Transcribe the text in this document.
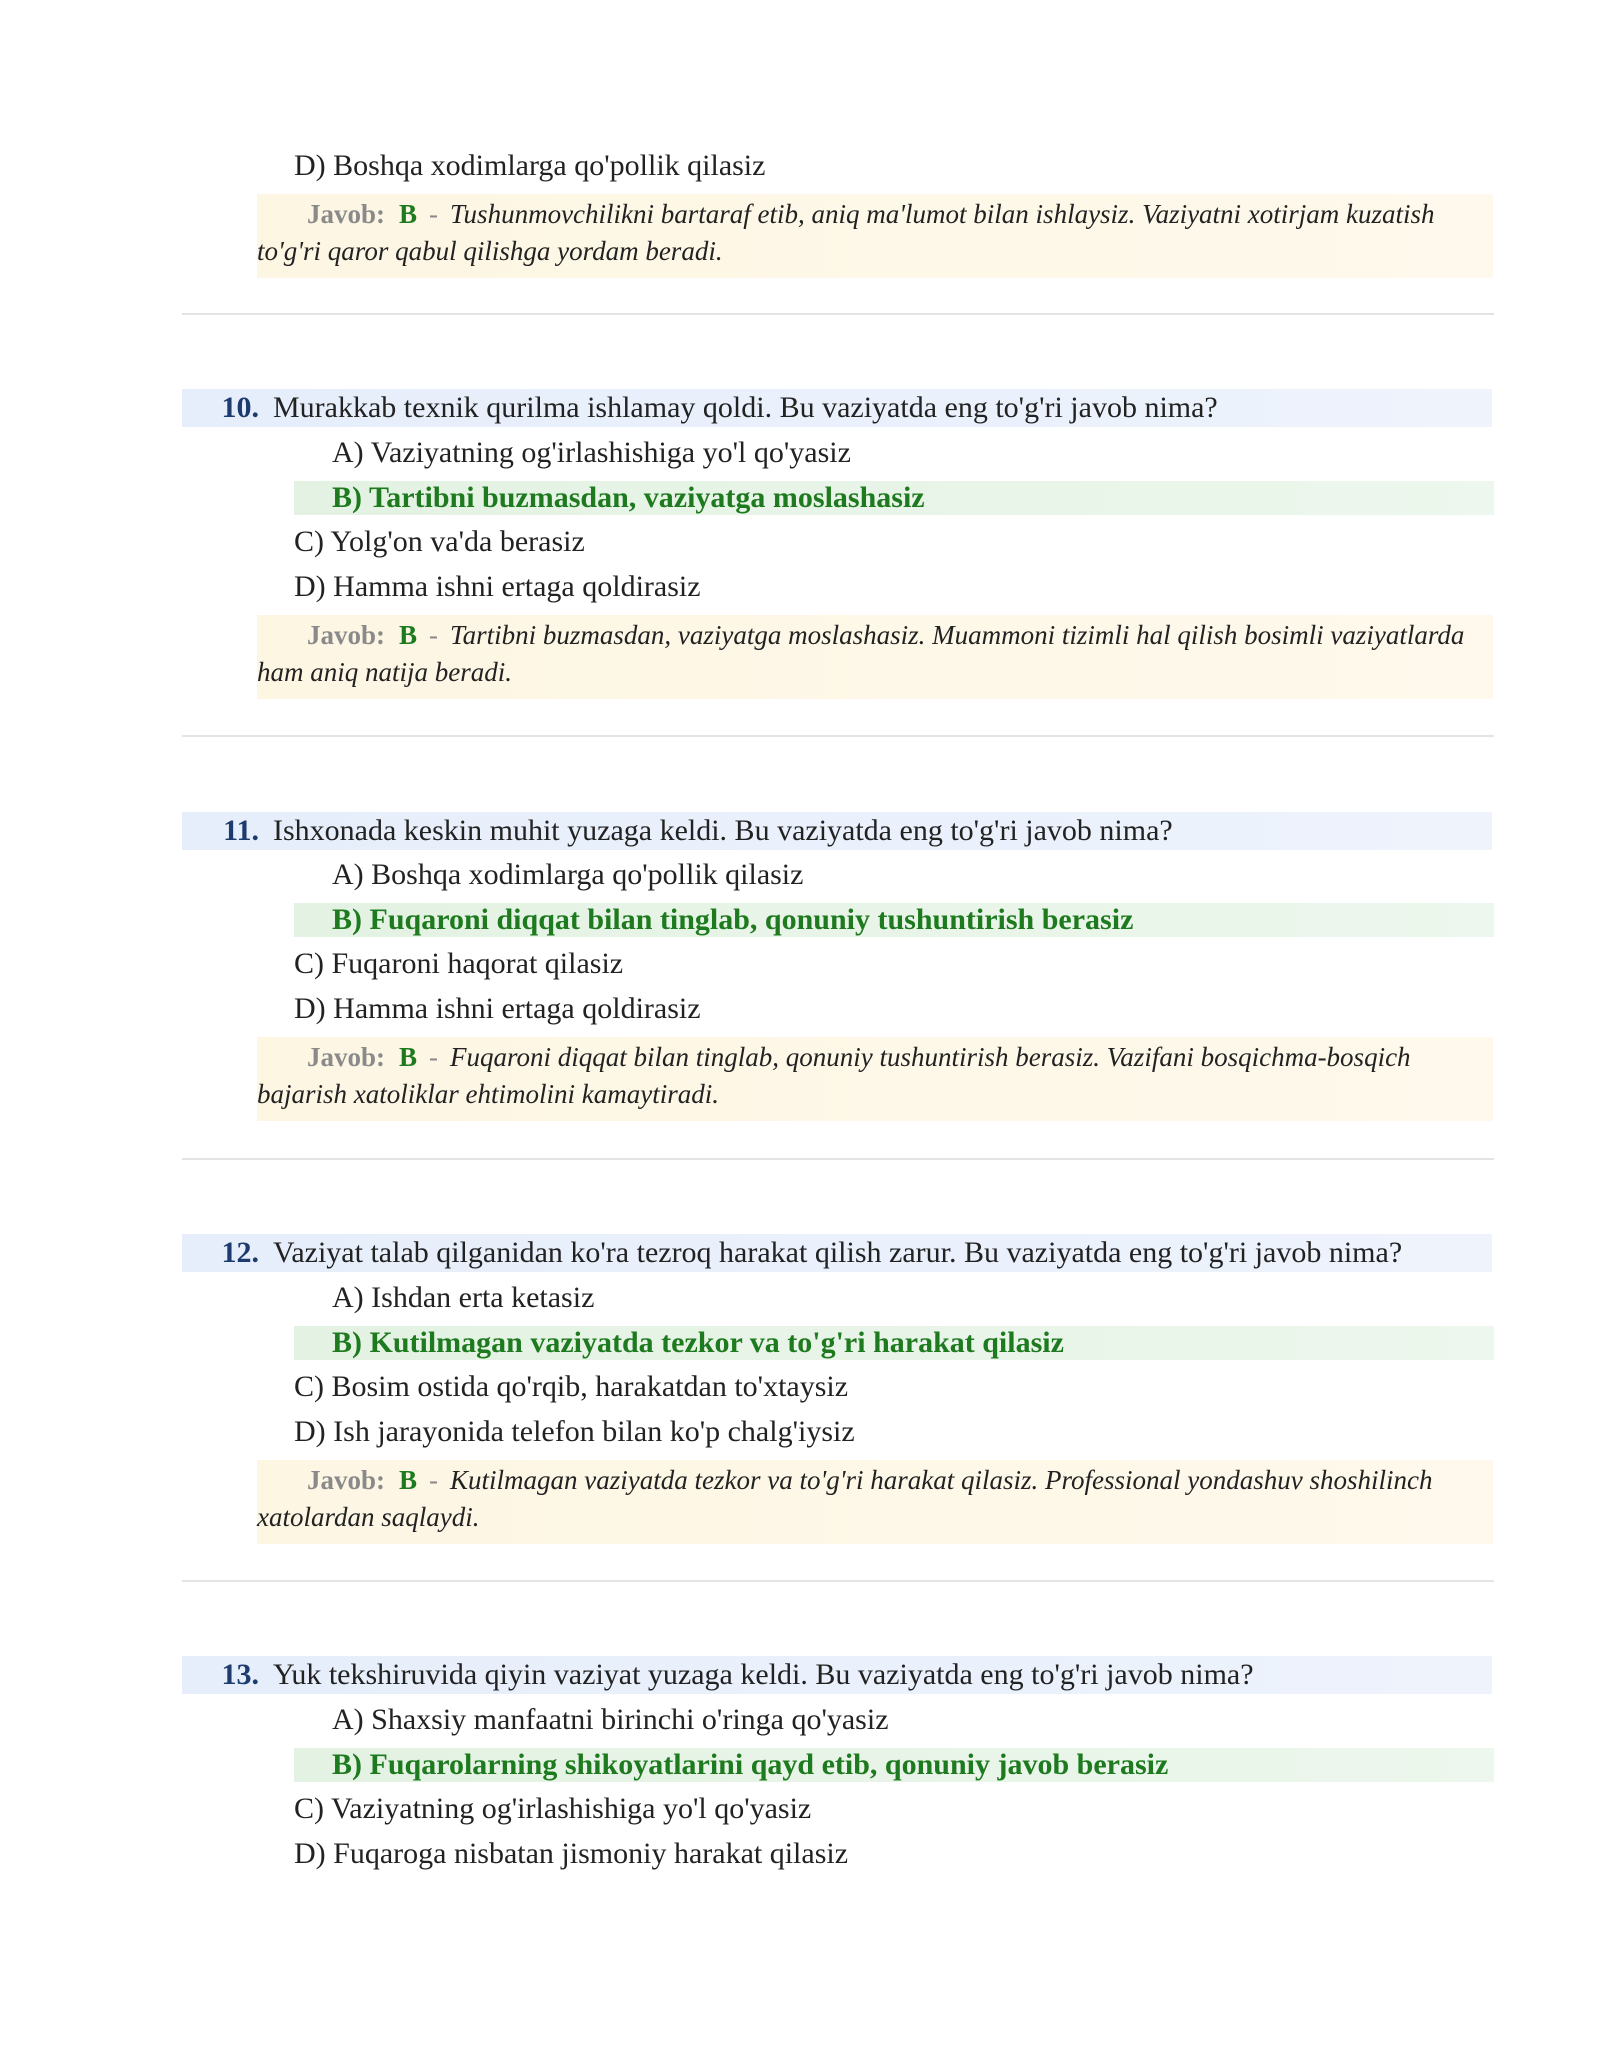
D) Boshqa xodimlarga qo'pollik qilasiz
Javob: B - Tushunmovchilikni bartaraf etib, aniq ma'lumot bilan ishlaysiz. Vaziyatni xotirjam kuzatish to'g'ri qaror qabul qilishga yordam beradi.
10. Murakkab texnik qurilma ishlamay qoldi. Bu vaziyatda eng to'g'ri javob nima?
A) Vaziyatning og'irlashishiga yo'l qo'yasiz
B) Tartibni buzmasdan, vaziyatga moslashasiz
C) Yolg'on va'da berasiz
D) Hamma ishni ertaga qoldirasiz
Javob: B - Tartibni buzmasdan, vaziyatga moslashasiz. Muammoni tizimli hal qilish bosimli vaziyatlarda ham aniq natija beradi.
11. Ishxonada keskin muhit yuzaga keldi. Bu vaziyatda eng to'g'ri javob nima?
A) Boshqa xodimlarga qo'pollik qilasiz
B) Fuqaroni diqqat bilan tinglab, qonuniy tushuntirish berasiz
C) Fuqaroni haqorat qilasiz
D) Hamma ishni ertaga qoldirasiz
Javob: B - Fuqaroni diqqat bilan tinglab, qonuniy tushuntirish berasiz. Vazifani bosqichma-bosqich bajarish xatoliklar ehtimolini kamaytiradi.
12. Vaziyat talab qilganidan ko'ra tezroq harakat qilish zarur. Bu vaziyatda eng to'g'ri javob nima?
A) Ishdan erta ketasiz
B) Kutilmagan vaziyatda tezkor va to'g'ri harakat qilasiz
C) Bosim ostida qo'rqib, harakatdan to'xtaysiz
D) Ish jarayonida telefon bilan ko'p chalg'iysiz
Javob: B - Kutilmagan vaziyatda tezkor va to'g'ri harakat qilasiz. Professional yondashuv shoshilinch xatolardan saqlaydi.
13. Yuk tekshiruvida qiyin vaziyat yuzaga keldi. Bu vaziyatda eng to'g'ri javob nima?
A) Shaxsiy manfaatni birinchi o'ringa qo'yasiz
B) Fuqarolarning shikoyatlarini qayd etib, qonuniy javob berasiz
C) Vaziyatning og'irlashishiga yo'l qo'yasiz
D) Fuqaroga nisbatan jismoniy harakat qilasiz
